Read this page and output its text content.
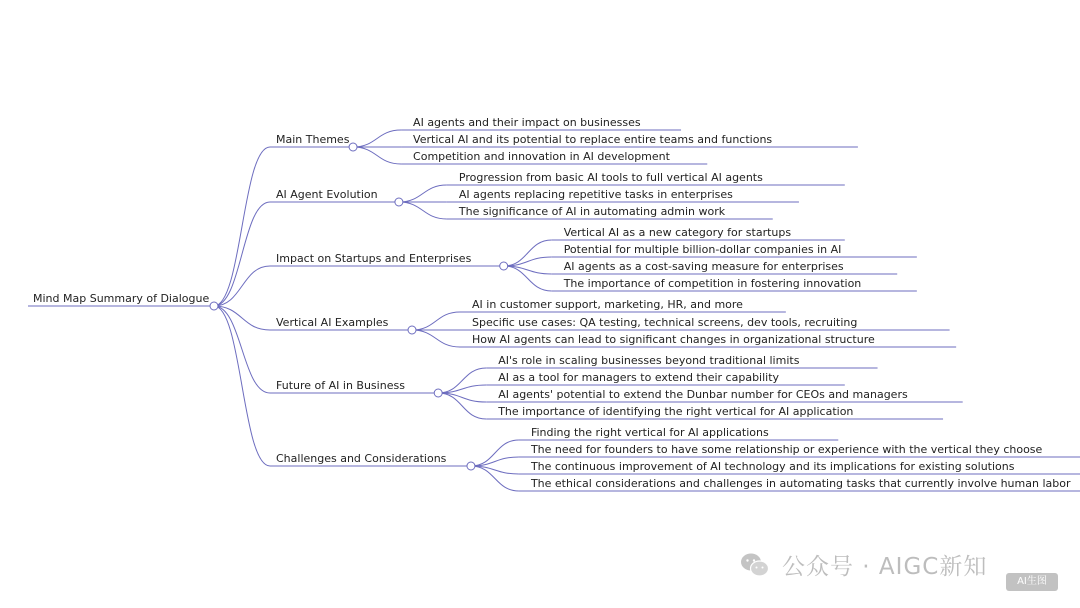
Mind Map Summary of Dialogue
Main Themes
AI agents and their impact on businesses
Vertical AI and its potential to replace entire teams and functions
Competition and innovation in AI development
AI Agent Evolution
Progression from basic AI tools to full vertical AI agents
AI agents replacing repetitive tasks in enterprises
The significance of AI in automating admin work
Impact on Startups and Enterprises
Vertical AI as a new category for startups
Potential for multiple billion-dollar companies in AI
AI agents as a cost-saving measure for enterprises
The importance of competition in fostering innovation
Vertical AI Examples
AI in customer support, marketing, HR, and more
Specific use cases: QA testing, technical screens, dev tools, recruiting
How AI agents can lead to significant changes in organizational structure
Future of AI in Business
AI's role in scaling businesses beyond traditional limits
AI as a tool for managers to extend their capability
AI agents' potential to extend the Dunbar number for CEOs and managers
The importance of identifying the right vertical for AI application
Challenges and Considerations
Finding the right vertical for AI applications
The need for founders to have some relationship or experience with the vertical they choose
The continuous improvement of AI technology and its implications for existing solutions
The ethical considerations and challenges in automating tasks that currently involve human labor
公众号 · AIGC新知
AI生图
